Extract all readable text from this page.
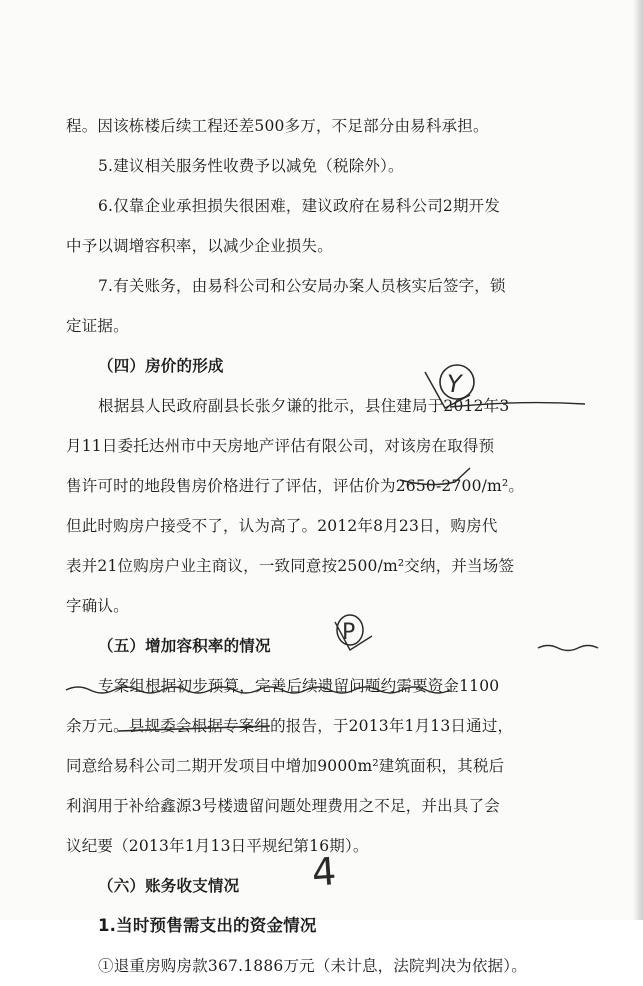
程。因该栋楼后续工程还差500多万，不足部分由易科承担。
5.建议相关服务性收费予以减免（税除外）。
6.仅靠企业承担损失很困难，建议政府在易科公司2期开发
中予以调增容积率，以减少企业损失。
7.有关账务，由易科公司和公安局办案人员核实后签字，锁
定证据。
（四）房价的形成
根据县人民政府副县长张夕谦的批示，县住建局于2012年3
月11日委托达州市中天房地产评估有限公司，对该房在取得预
售许可时的地段售房价格进行了评估，评估价为2650-2700/m²。
但此时购房户接受不了，认为高了。2012年8月23日，购房代
表并21位购房户业主商议，一致同意按2500/m²交纳，并当场签
字确认。
（五）增加容积率的情况
专案组根据初步预算，完善后续遗留问题约需要资金1100
余万元。县规委会根据专案组的报告，于2013年1月13日通过，
同意给易科公司二期开发项目中增加9000m²建筑面积，其税后
利润用于补给鑫源3号楼遗留问题处理费用之不足，并出具了会
议纪要（2013年1月13日平规纪第16期）。
（六）账务收支情况
1.当时预售需支出的资金情况
①退重房购房款367.1886万元（未计息，法院判决为依据）。
Y
P
4
